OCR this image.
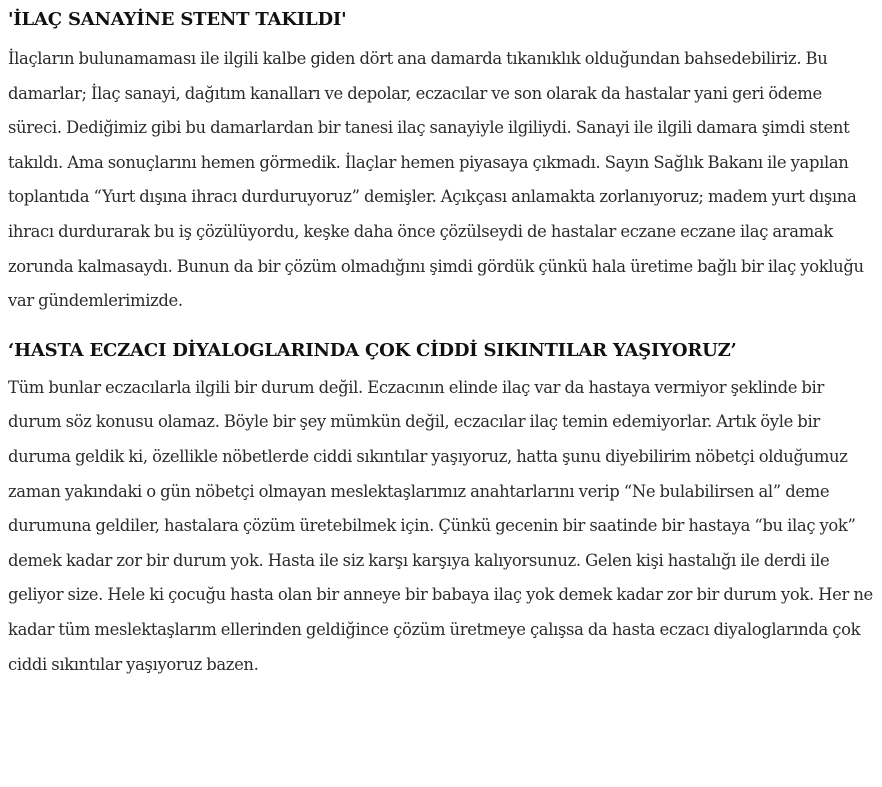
'İLAÇ SANAYİNE STENT TAKILDI'

İlaçların bulunamaması ile ilgili kalbe giden dört ana damarda tıkanıklık olduğundan bahsedebiliriz. Bu damarlar; İlaç sanayi, dağıtım kanalları ve depolar, eczacılar ve son olarak da hastalar yani geri ödeme süreci. Dediğimiz gibi bu damarlardan bir tanesi ilaç sanayiyle ilgiliydi. Sanayi ile ilgili damara şimdi stent takıldı. Ama sonuçlarını hemen görmedik. İlaçlar hemen piyasaya çıkmadı. Sayın Sağlık Bakanı ile yapılan toplantıda “Yurt dışına ihracı durduruyoruz” demişler. Açıkçası anlamakta zorlanıyoruz; madem yurt dışına ihracı durdurarak bu iş çözülüyordu, keşke daha önce çözülseydi de hastalar eczane eczane ilaç aramak zorunda kalmasaydı. Bunun da bir çözüm olmadığını şimdi gördük çünkü hala üretime bağlı bir ilaç yokluğu var gündemlerimizde.

‘HASTA ECZACI DİYALOGLARINDA ÇOK CİDDİ SIKINTILAR YAŞIYORUZ’

Tüm bunlar eczacılarla ilgili bir durum değil. Eczacının elinde ilaç var da hastaya vermiyor şeklinde bir durum söz konusu olamaz. Böyle bir şey mümkün değil, eczacılar ilaç temin edemiyorlar. Artık öyle bir duruma geldik ki, özellikle nöbetlerde ciddi sıkıntılar yaşıyoruz, hatta şunu diyebilirim nöbetçi olduğumuz zaman yakındaki o gün nöbetçi olmayan meslektaşlarımız anahtarlarını verip “Ne bulabilirsen al” deme durumuna geldiler, hastalara çözüm üretebilmek için. Çünkü gecenin bir saatinde bir hastaya “bu ilaç yok” demek kadar zor bir durum yok. Hasta ile siz karşı karşıya kalıyorsunuz. Gelen kişi hastalığı ile derdi ile geliyor size. Hele ki çocuğu hasta olan bir anneye bir babaya ilaç yok demek kadar zor bir durum yok. Her ne kadar tüm meslektaşlarım ellerinden geldiğince çözüm üretmeye çalışsa da hasta eczacı diyaloglarında çok ciddi sıkıntılar yaşıyoruz bazen.
